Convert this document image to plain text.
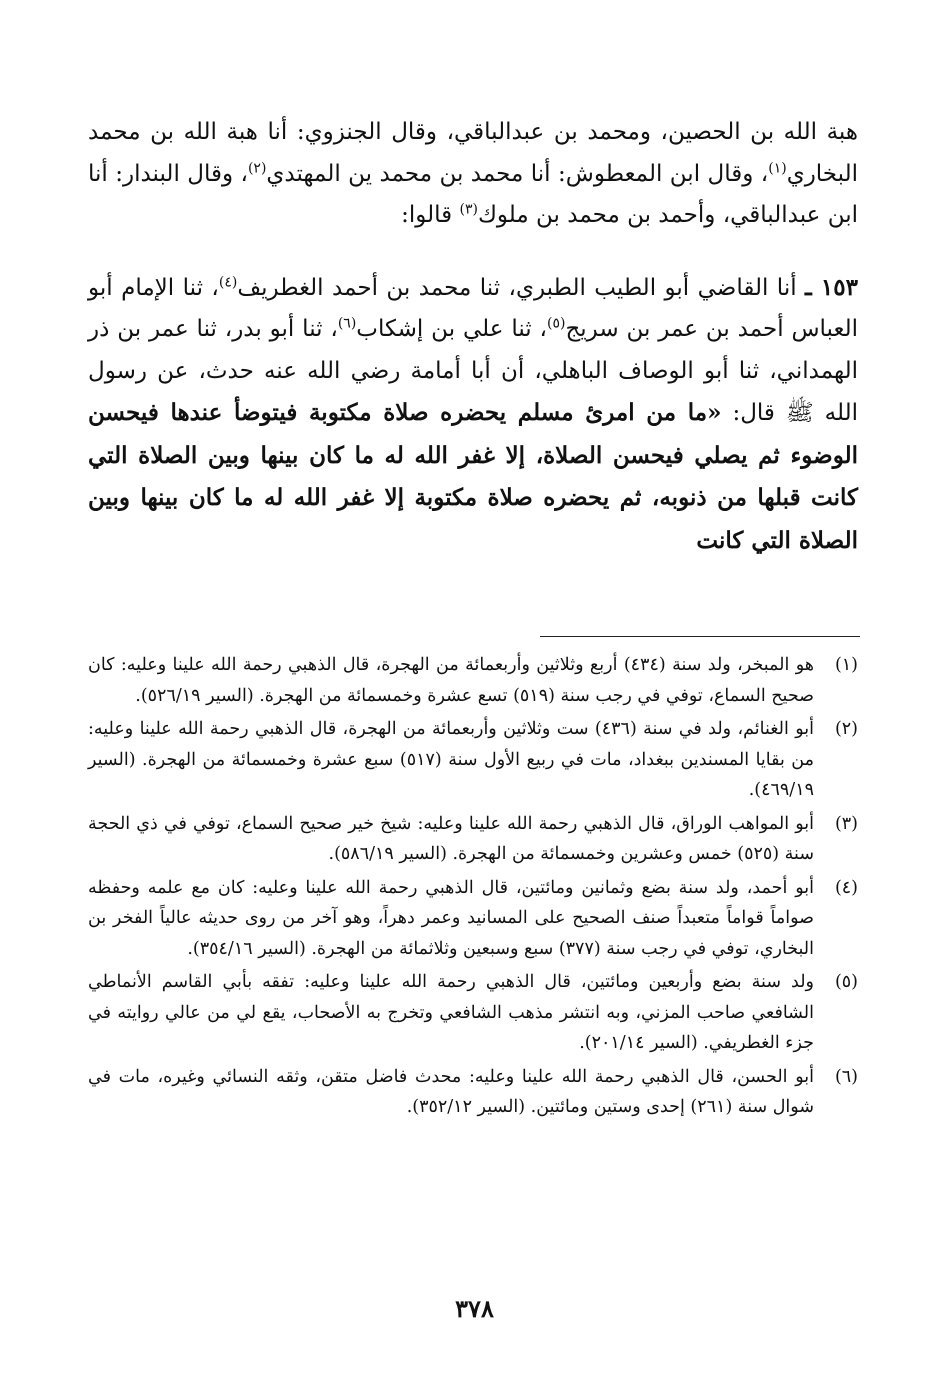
هبة الله بن الحصين، ومحمد بن عبدالباقي، وقال الجنزوي: أنا هبة الله بن محمد البخاري$^{(١)}$، وقال ابن المعطوش: أنا محمد بن محمد ين المهتدي$^{(٢)}$، وقال البندار: أنا ابن عبدالباقي، وأحمد بن محمد بن ملوك$^{(٣)}$ قالوا:

١٥٣ ـ أنا القاضي أبو الطيب الطبري، ثنا محمد بن أحمد الغطريف$^{(٤)}$، ثنا الإمام أبو العباس أحمد بن عمر بن سريج$^{(٥)}$، ثنا علي بن إشكاب$^{(٦)}$، ثنا أبو بدر، ثنا عمر بن ذر الهمداني، ثنا أبو الوصاف الباهلي، أن أبا أمامة رضي الله عنه حدث، عن رسول الله ﷺ قال: «ما من امرئ مسلم يحضره صلاة مكتوبة فيتوضأ عندها فيحسن الوضوء ثم يصلي فيحسن الصلاة، إلا غفر الله له ما كان بينها وبين الصلاة التي كانت قبلها من ذنوبه، ثم يحضره صلاة مكتوبة إلا غفر الله له ما كان بينها وبين الصلاة التي كانت

(١)
هو المبخر، ولد سنة (٤٣٤) أربع وثلاثين وأربعمائة من الهجرة، قال الذهبي رحمة الله علينا وعليه: كان صحيح السماع، توفي في رجب سنة (٥١٩) تسع عشرة وخمسمائة من الهجرة. (السير ٥٢٦/١٩).
(٢)
أبو الغنائم، ولد في سنة (٤٣٦) ست وثلاثين وأربعمائة من الهجرة، قال الذهبي رحمة الله علينا وعليه: من بقايا المسندين ببغداد، مات في ربيع الأول سنة (٥١٧) سبع عشرة وخمسمائة من الهجرة. (السير ٤٦٩/١٩).
(٣)
أبو المواهب الوراق، قال الذهبي رحمة الله علينا وعليه: شيخ خير صحيح السماع، توفي في ذي الحجة سنة (٥٢٥) خمس وعشرين وخمسمائة من الهجرة. (السير ٥٨٦/١٩).
(٤)
أبو أحمد، ولد سنة بضع وثمانين ومائتين، قال الذهبي رحمة الله علينا وعليه: كان مع علمه وحفظه صواماً قواماً متعبداً صنف الصحيح على المسانيد وعمر دهراً، وهو آخر من روى حديثه عالياً الفخر بن البخاري، توفي في رجب سنة (٣٧٧) سبع وسبعين وثلاثمائة من الهجرة. (السير ٣٥٤/١٦).
(٥)
ولد سنة بضع وأربعين ومائتين، قال الذهبي رحمة الله علينا وعليه: تفقه بأبي القاسم الأنماطي الشافعي صاحب المزني، وبه انتشر مذهب الشافعي وتخرج به الأصحاب، يقع لي من عالي روايته في جزء الغطريفي. (السير ٢٠١/١٤).
(٦)
أبو الحسن، قال الذهبي رحمة الله علينا وعليه: محدث فاضل متقن، وثقه النسائي وغيره، مات في شوال سنة (٢٦١) إحدى وستين ومائتين. (السير ٣٥٢/١٢).
٣٧٨
